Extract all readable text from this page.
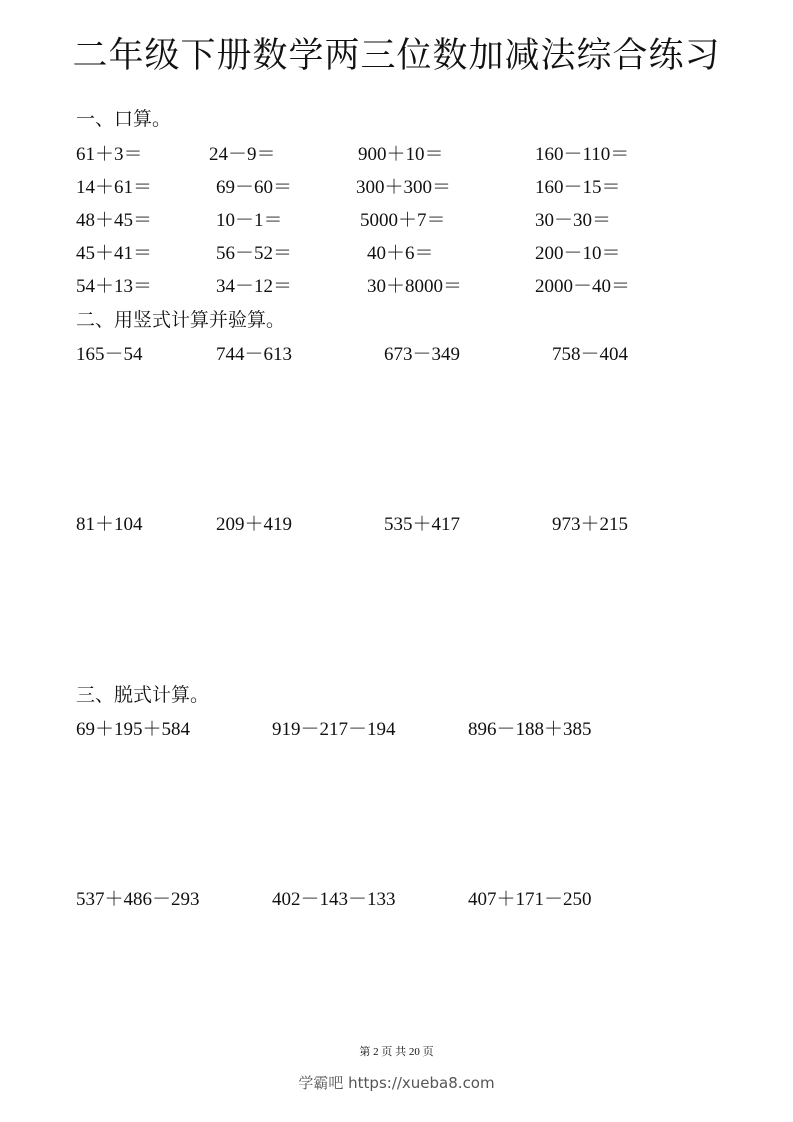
二年级下册数学两三位数加减法综合练习
一、口算。
61＋3＝	24－9＝	900＋10＝	160－110＝
14＋61＝	69－60＝	300＋300＝	160－15＝
48＋45＝	10－1＝	5000＋7＝	30－30＝
45＋41＝	56－52＝	40＋6＝	200－10＝
54＋13＝	34－12＝	30＋8000＝	2000－40＝
二、用竖式计算并验算。
165－54	744－613	673－349	758－404
81＋104	209＋419	535＋417	973＋215
三、脱式计算。
69＋195＋584	919－217－194	896－188＋385
537＋486－293	402－143－133	407＋171－250
第 2 页 共 20 页
学霸吧 https://xueba8.com
